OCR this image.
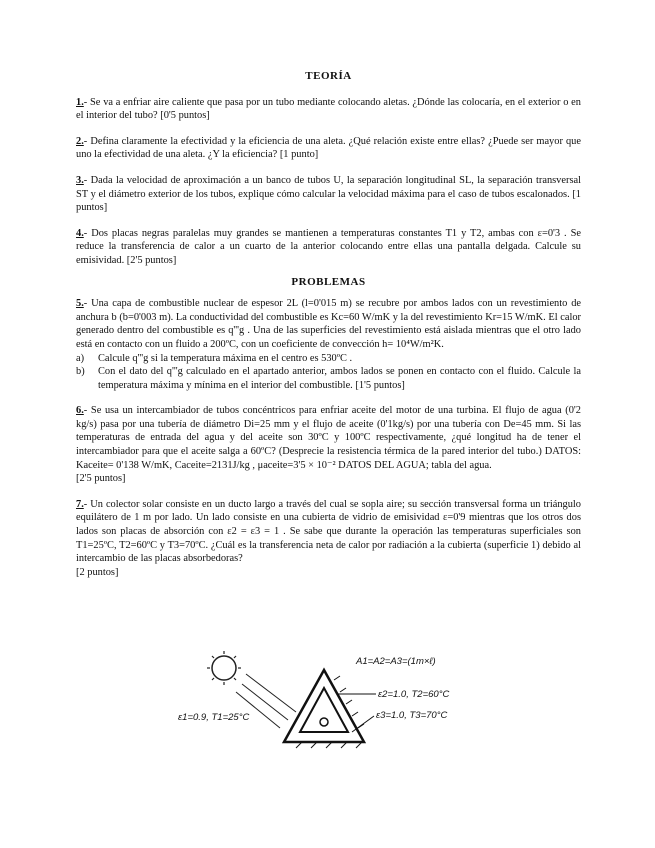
TEORÍA

1.- Se va a enfriar aire caliente que pasa por un tubo mediante colocando aletas. ¿Dónde las colocaría, en el exterior o en el interior del tubo? [0'5 puntos]

2.- Defina claramente la efectividad y la eficiencia de una aleta. ¿Qué relación existe entre ellas? ¿Puede ser mayor que uno la efectividad de una aleta. ¿Y la eficiencia? [1 punto]

3.- Dada la velocidad de aproximación a un banco de tubos U, la separación longitudinal SL, la separación transversal ST y el diámetro exterior de los tubos, explique cómo calcular la velocidad máxima para el caso de tubos escalonados. [1 puntos]

4.- Dos placas negras paralelas muy grandes se mantienen a temperaturas constantes T1 y T2, ambas con ε=0'3 . Se reduce la transferencia de calor a un cuarto de la anterior colocando entre ellas una pantalla delgada. Calcule su emisividad. [2'5 puntos]

PROBLEMAS
5.- Una capa de combustible nuclear de espesor 2L (l=0'015 m) se recubre por ambos lados con un revestimiento de anchura b (b=0'003 m). La conductividad del combustible es Kc=60 W/mK y la del revestimiento Kr=15 W/mK. El calor generado dentro del combustible es q'''g . Una de las superficies del revestimiento está aislada mientras que el otro lado está en contacto con un fluido a 200ºC, con un coeficiente de convección h= 10⁴W/m²K.
a)	Calcule q'''g si la temperatura máxima en el centro es 530ºC .
b)	Con el dato del q'''g calculado en el apartado anterior, ambos lados se ponen en contacto con el fluido. Calcule la temperatura máxima y mínima en el interior del combustible. [1'5 puntos]
6.- Se usa un intercambiador de tubos concéntricos para enfriar aceite del motor de una turbina. El flujo de agua (0'2 kg/s) pasa por una tubería de diámetro Di=25 mm y el flujo de aceite (0'1kg/s) por una tubería con De=45 mm. Si las temperaturas de entrada del agua y del aceite son 30ºC y 100ºC respectivamente, ¿qué longitud ha de tener el intercambiador para que el aceite salga a 60ºC? (Desprecie la resistencia térmica de la pared interior del tubo.) DATOS: Kaceite= 0'138 W/mK, Caceite=2131J/kg , μaceite=3'5 × 10⁻² DATOS DEL AGUA; tabla del agua.
[2'5 puntos]
7.- Un colector solar consiste en un ducto largo a través del cual se sopla aire; su sección transversal forma un triángulo equilátero de 1 m por lado. Un lado consiste en una cubierta de vidrio de emisividad ε=0'9 mientras que los otros dos lados son placas de absorción con ε2 = ε3 = 1 . Se sabe que durante la operación las temperaturas superficiales son T1=25ºC, T2=60ºC y T3=70ºC. ¿Cuál es la transferencia neta de calor por radiación a la cubierta (superficie 1) debido al intercambio de las placas absorbedoras?
[2 puntos]
A1=A2=A3=(1m×ℓ)
ε2=1.0, T2=60°C
ε3=1.0, T3=70°C
ε1=0.9, T1=25°C
